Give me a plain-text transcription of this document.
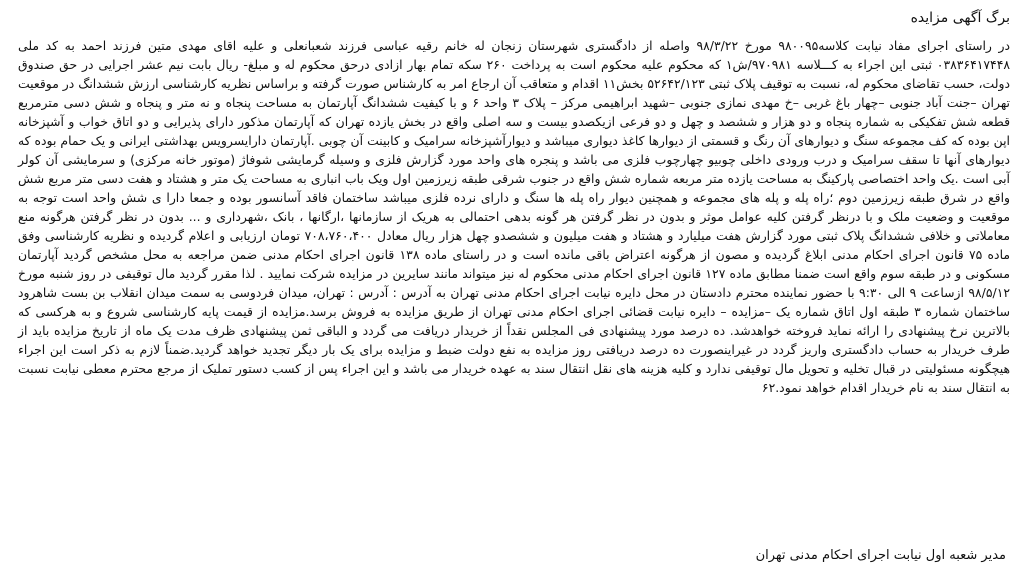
برگ آگهی مزایده

در راستای اجرای مفاد نیابت کلاسه۹۸۰۰۹۵ مورخ ۹۸/۳/۲۲ واصله از دادگستری شهرستان زنجان له خانم رقیه عباسی فرزند شعبانعلی و علیه اقای مهدی متین فرزند احمد به کد ملی ۰۳۸۳۶۴۱۷۴۴۸ ثبتی این اجراء به کـــلاسه ۹۷۰۹۸۱/ش۱ که محکوم علیه محکوم است به پرداخت ۲۶۰ سکه تمام بهار ازادی درحق محکوم له و مبلغ- ریال بابت نیم عشر اجرایی در حق صندوق دولت، حسب تقاضای محکوم له، نسبت به توقیف پلاک ثبتی ۵۲۶۴۲/۱۲۳ بخش۱۱ اقدام و متعاقب آن ارجاع امر به کارشناس صورت گرفته و براساس نظریه کارشناسی ارزش ششدانگ در موقعیت تهران –جنت آباد جنوبی –چهار باغ غربی –خ مهدی نمازی جنوبی –شهید ابراهیمی مرکز – پلاک ۳ واحد ۶ و با کیفیت ششدانگ آپارتمان به مساحت پنجاه و نه متر و پنجاه و شش دسی مترمربع قطعه شش تفکیکی به شماره پنجاه و دو هزار و ششصد و چهل و دو فرعی ازیکصدو بیست و سه اصلی واقع در بخش یازده تهران که آپارتمان مذکور دارای پذیرایی و دو اتاق خواب و آشپزخانه اپن بوده که کف مجموعه سنگ و دیوارهای آن رنگ و قسمتی از دیوارها کاغذ دیواری میباشد و دیوارآشپزخانه سرامیک و کابینت آن چوبی .آپارتمان دارایسرویس بهداشتی ایرانی و یک حمام بوده که دیوارهای آنها تا سقف سرامیک و درب ورودی داخلی چوبیو چهارچوب فلزی می باشد و پنجره های واحد مورد گزارش فلزی و وسیله گرمایشی شوفاژ (موتور خانه مرکزی) و سرمایشی آن کولر آبی است .یک واحد اختصاصی پارکینگ به مساحت یازده متر مربعه شماره شش واقع در جنوب شرقی طبقه زیرزمین اول ویک باب انباری به مساحت یک متر و هشتاد و هفت دسی متر مربع شش واقع در شرق طبقه زیرزمین دوم ؛راه پله و پله های مجموعه و همچنین دیوار راه پله ها سنگ و دارای نرده فلزی میباشد ساختمان فاقد آسانسور بوده و جمعا دارا ی شش واحد است توجه به موقعیت و وضعیت ملک و با درنظر گرفتن کلیه عوامل موثر و بدون در نظر گرفتن هر گونه بدهی احتمالی به هریک از سازمانها ،ارگانها ، بانک ،شهرداری و ... بدون در نظر گرفتن هرگونه منع معاملاتی و خلافی ششدانگ پلاک ثبتی مورد گزارش هفت میلیارد و هشتاد و هفت میلیون و ششصدو چهل هزار ریال معادل ۷۰۸،۷۶۰،۴۰۰ تومان ارزیابی و اعلام گردیده و نظریه کارشناسی وفق ماده ۷۵ قانون اجرای احکام مدنی ابلاغ گردیده و مصون از هرگونه اعتراض باقی مانده است و در راستای ماده ۱۳۸ قانون اجرای احکام مدنی ضمن مراجعه به محل مشخص گردید آپارتمان مسکونی و در طبقه سوم واقع است ضمنا مطابق ماده ۱۲۷ قانون اجرای احکام مدنی محکوم له نیز میتواند مانند سایرین در مزایده شرکت نمایید . لذا مقرر گردید مال توقیفی در روز شنبه مورخ ۹۸/۵/۱۲ ازساعت ۹ الی ۹:۳۰ با حضور نماینده محترم دادستان در محل دایره نیابت اجرای احکام مدنی تهران به آدرس : آدرس : تهران، میدان فردوسی به سمت میدان انقلاب بن بست شاهرود ساختمان شماره ۳ طبقه اول اتاق شماره یک –مزایده – دایره نیابت قضائی اجرای احکام مدنی تهران از طریق مزایده به فروش برسد.مزایده از قیمت پایه کارشناسی شروع و به هرکسی که بالاترین نرخ پیشنهادی را ارائه نماید فروخته خواهدشد. ده درصد مورد پیشنهادی فی المجلس نقداً از خریدار دریافت می گردد و الباقی ثمن پیشنهادی ظرف مدت یک ماه از تاریخ مزایده باید از طرف خریدار به حساب دادگستری واریز گردد در غیراینصورت ده درصد دریافتی روز مزایده به نفع دولت ضبط و مزایده برای یک بار دیگر تجدید خواهد گردید.ضمناً لازم به ذکر است این اجراء هیچگونه مسئولیتی در قبال تخلیه و تحویل مال توقیفی ندارد و کلیه هزینه های نقل انتقال سند به عهده خریدار می باشد و این اجراء پس از کسب دستور تملیک از مرجع محترم معطی نیابت نسبت به انتقال سند به نام خریدار اقدام خواهد نمود.۶۲

مدیر شعبه اول نیابت اجرای احکام مدنی تهران
